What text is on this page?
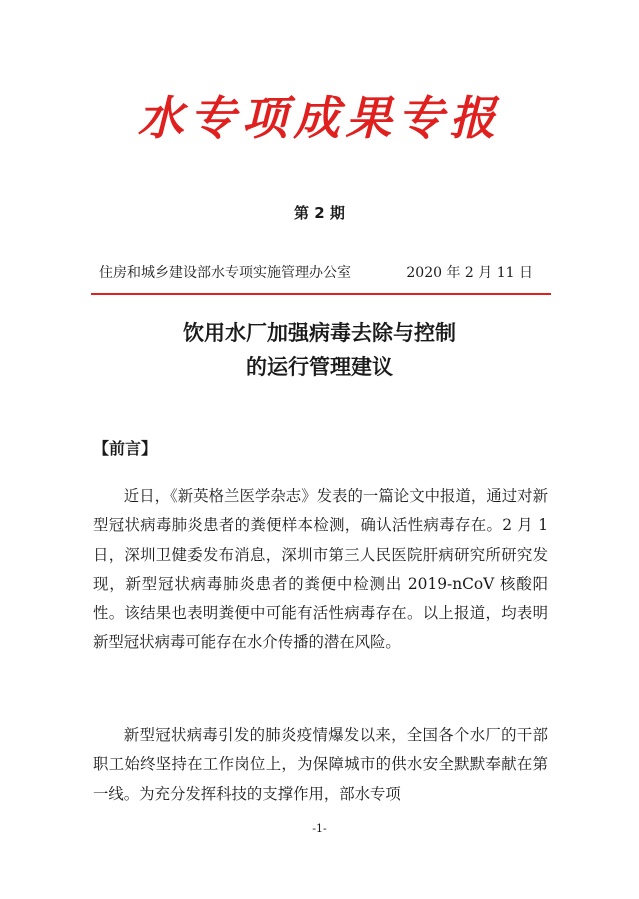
水专项成果专报
第 2 期
住房和城乡建设部水专项实施管理办公室	2020 年 2 月 11 日
饮用水厂加强病毒去除与控制
的运行管理建议
【前言】

近日，《新英格兰医学杂志》发表的一篇论文中报道，通过对新型冠状病毒肺炎患者的粪便样本检测，确认活性病毒存在。2 月 1 日，深圳卫健委发布消息，深圳市第三人民医院肝病研究所研究发现，新型冠状病毒肺炎患者的粪便中检测出 2019-nCoV 核酸阳性。该结果也表明粪便中可能有活性病毒存在。以上报道，均表明新型冠状病毒可能存在水介传播的潜在风险。

新型冠状病毒引发的肺炎疫情爆发以来，全国各个水厂的干部职工始终坚持在工作岗位上，为保障城市的供水安全默默奉献在第一线。为充分发挥科技的支撑作用，部水专项

-1-
